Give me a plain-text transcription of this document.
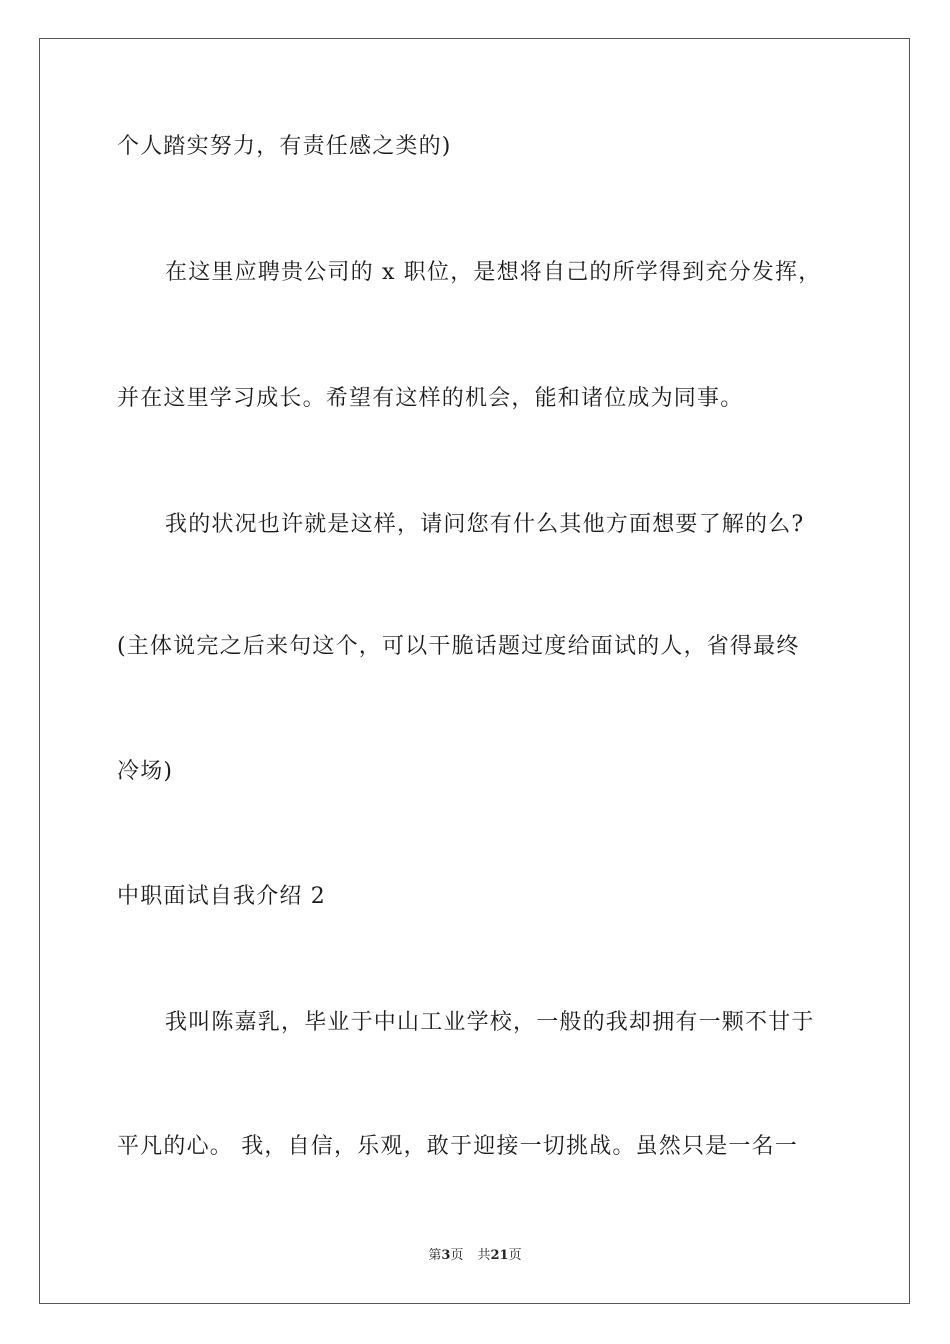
个人踏实努力，有责任感之类的)
在这里应聘贵公司的 x 职位，是想将自己的所学得到充分发挥，
并在这里学习成长。希望有这样的机会，能和诸位成为同事。
我的状况也许就是这样，请问您有什么其他方面想要了解的么?
(主体说完之后来句这个，可以干脆话题过度给面试的人，省得最终
冷场)
中职面试自我介绍 2
我叫陈嘉乳，毕业于中山工业学校，一般的我却拥有一颗不甘于
平凡的心。 我，自信，乐观，敢于迎接一切挑战。虽然只是一名一
第3页 共21页
